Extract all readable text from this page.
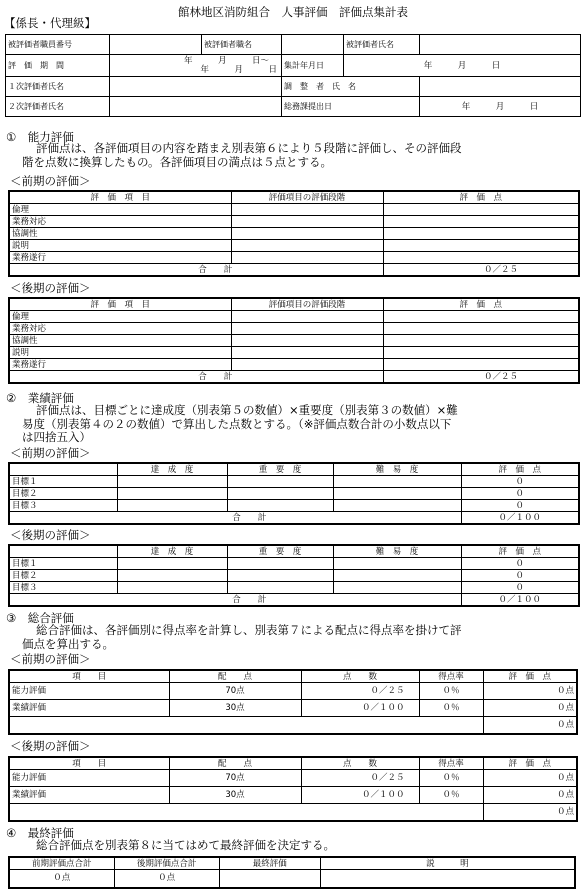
館林地区消防組合　人事評価　評価点集計表
【係長・代理級】
被評価者職員番号		被評価者職名		被評価者氏名	
評　価　期　間	年　　　月　　　日～
年　　　月　　　日		集計年月日	年　　　月　　　日	
１次評価者氏名			調　整　者　氏　名		
２次評価者氏名			総務課提出日		年　　　月　　　日
①　能力評価
評価点は、各評価項目の内容を踏まえ別表第６により５段階に評価し、その評価段
階を点数に換算したもの。各評価項目の満点は５点とする。
＜前期の評価＞
評　価　項　目	評価項目の評価段階	評　価　点
倫理		
業務対応		
協調性		
説明		
業務遂行		
合　　計		０／２５
＜後期の評価＞
評　価　項　目	評価項目の評価段階	評　価　点
倫理		
業務対応		
協調性		
説明		
業務遂行		
合　　計		０／２５
②　業績評価
評価点は、目標ごとに達成度（別表第５の数値）×重要度（別表第３の数値）×難
易度（別表第４の２の数値）で算出した点数とする。（※評価点数合計の小数点以下
は四捨五入）
＜前期の評価＞
	達　成　度	重　要　度	難　易　度	評　価　点
目標１				０
目標２				０
目標３				０
合　　計				０／１００
＜後期の評価＞
	達　成　度	重　要　度	難　易　度	評　価　点
目標１				０
目標２				０
目標３				０
合　　計				０／１００
③　総合評価
総合評価は、各評価別に得点率を計算し、別表第７による配点に得点率を掛けて評
価点を算出する。
＜前期の評価＞
項　　目	配　　点	点　　数	得点率	評　価　点
能力評価	70点	０／２５	０％	０点
業績評価	30点	０／１００	０％	０点
				０点
＜後期の評価＞
項　　目	配　　点	点　　数	得点率	評　価　点
能力評価	70点	０／２５	０％	０点
業績評価	30点	０／１００	０％	０点
				０点
④　最終評価
総合評価点を別表第８に当てはめて最終評価を決定する。
前期評価点合計	後期評価点合計	最終評価	説　　　明
０点	０点		
